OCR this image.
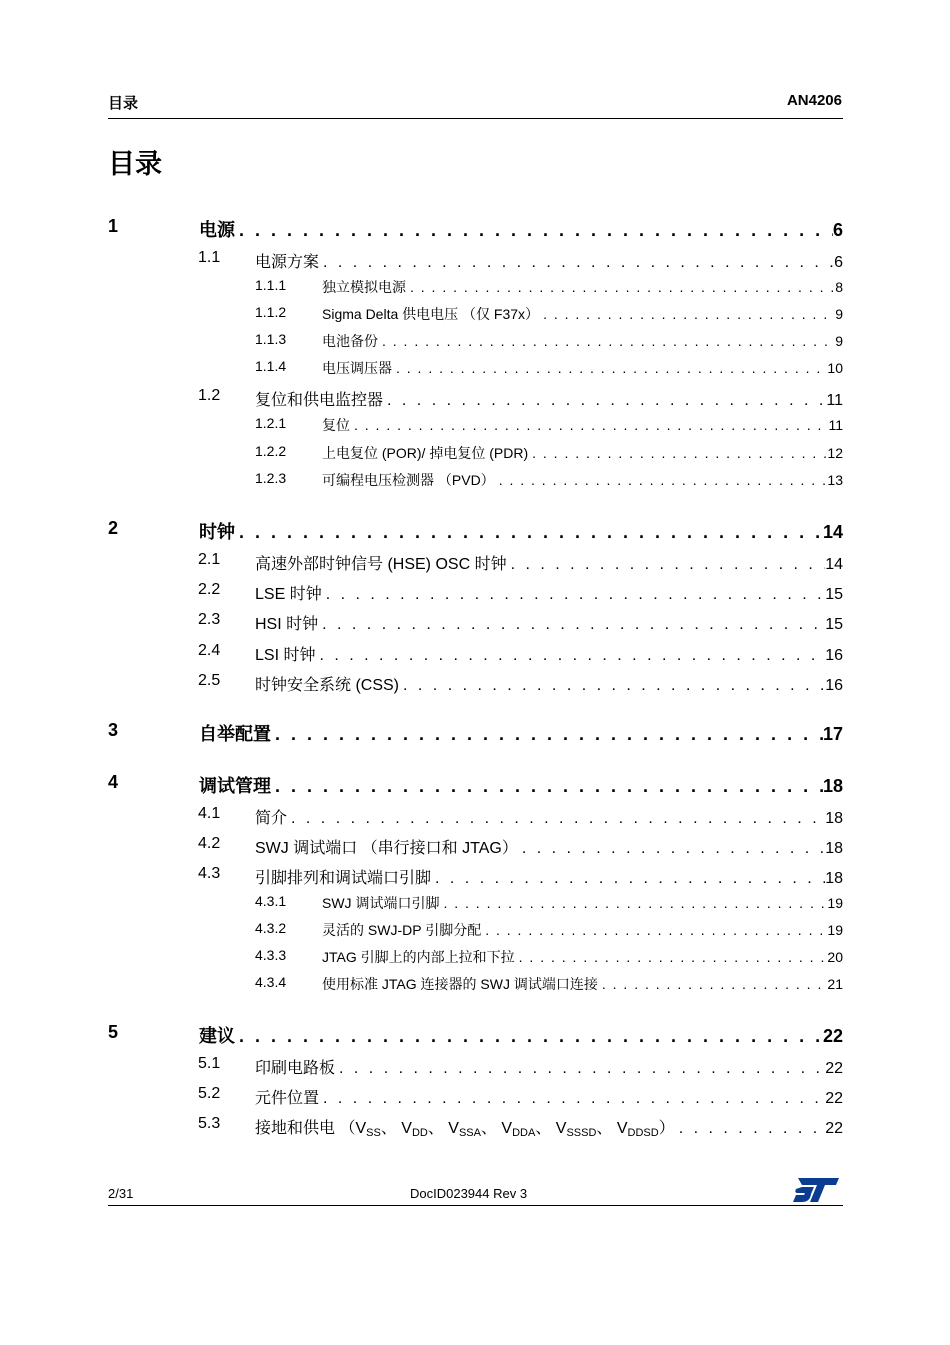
目录	AN4206
目录
1	电源 . . .	6
1.1 电源方案 . . .	6
1.1.1	独立模拟电源 . . .	8
1.1.2	Sigma Delta 供电电压 （仅 F37x） . . .	9
1.1.3	电池备份 . . .	9
1.1.4	电压调压器 . . .	10
1.2 复位和供电监控器 . . .	11
1.2.1	复位 . . .	11
1.2.2	上电复位 (POR)/ 掉电复位 (PDR) . . .	12
1.2.3	可编程电压检测器 （PVD） . . .	13
2	时钟 . . .	14
2.1 高速外部时钟信号 (HSE) OSC 时钟 . . .	14
2.2 LSE 时钟 . . .	15
2.3 HSI 时钟 . . .	15
2.4 LSI 时钟 . . .	16
2.5 时钟安全系统 (CSS) . . .	16
3	自举配置 . . .	17
4	调试管理 . . .	18
4.1 简介 . . .	18
4.2 SWJ 调试端口 （串行接口和 JTAG） . . .	18
4.3 引脚排列和调试端口引脚 . . .	18
4.3.1	SWJ 调试端口引脚 . . .	19
4.3.2	灵活的 SWJ-DP 引脚分配 . . .	19
4.3.3	JTAG 引脚上的内部上拉和下拉 . . .	20
4.3.4	使用标准 JTAG 连接器的 SWJ 调试端口连接 . . .	21
5	建议 . . .	22
5.1 印刷电路板 . . .	22
5.2 元件位置 . . .	22
5.3 接地和供电 （$V_{SS}$、 $V_{DD}$、 $V_{SSA}$、 $V_{DDA}$、 $V_{SSSD}$、 $V_{DDSD}$） . . .	22
2/31	DocID023944 Rev 3
